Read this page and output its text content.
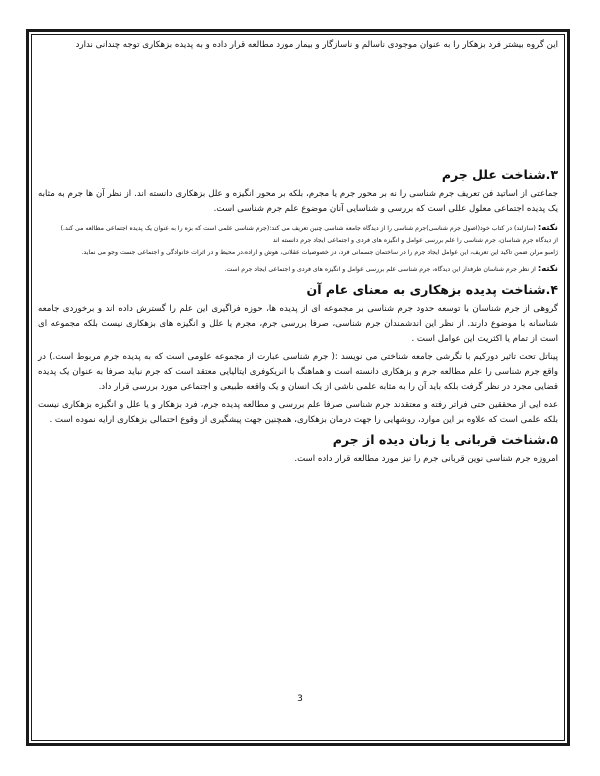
این گروه بیشتر فرد بزهکار را به عنوان موجودی ناسالم و ناسازگار و بیمار مورد مطالعه قرار داده و به پدیده بزهکاری توجه چندانی ندارد

۳.شناخت علل جرم

جماعتی از اساتید فن تعریف جرم شناسی را نه بر محور جرم یا مجرم، بلکه بر محور انگیزه و علل بزهکاری دانسته اند. از نظر آن ها جرم به مثابه یک پدیده اجتماعی معلول عللی است که بررسی و شناسایی آنان موضوع علم جرم شناسی است.

نکته: (سازلند) در کتاب خود(اصول جرم شناسی)جرم شناسی را از دیدگاه جامعه شناسی چنین تعریف می کند:(جرم شناسی علمی است که بزه را به عنوان یک پدیده اجتماعی مطالعه می کند.)

از دیدگاه جرم شناسان، جرم شناسی را علم بررسی عوامل و انگیزه های فردی و اجتماعی ایجاد جرم دانسته اند

ژامبو مرلن ضمن تاکید این تعریف، این عوامل ایجاد جرم را در ساختمان جسمانی فرد، در خصوصیات عقلانی، هوش و اراده،در محیط و در اثرات خانوادگی و اجتماعی جست وجو می نماید.

نکته: از نظر جرم شناسان طرفدار این دیدگاه، جرم شناسی علم بررسی عوامل و انگیزه های فردی و اجتماعی ایجاد جرم است.

۴.شناخت پدیده بزهکاری به معنای عام آن

گروهی از جرم شناسان با توسعه حدود جرم شناسی بر مجموعه ای از پدیده ها، حوزه فراگیری این علم را گسترش داده اند و برخوردی جامعه شناسانه با موضوع دارند. از نظر این اندشمندان جرم شناسی، صرفا بررسی جرم، مجرم یا علل و انگیزه های بزهکاری نیست بلکه مجموعه ای است از تمام یا اکثریت این عوامل است .

پیناتل تحت تاثیر دورکیم با نگرشی جامعه شناختی می نویسد :( جرم شناسی عبارت از مجموعه علومی است که به پدیده جرم مربوط است.) در واقع جرم شناسی را علم مطالعه جرم و بزهکاری دانسته است و هماهنگ با انریکوفری ایتالیایی معتقد است که جرم نباید صرفا به عنوان یک پدیده قضایی مجرد در نظر گرفت بلکه باید آن را به مثابه علمی ناشی از یک انسان و یک واقعه طبیعی و اجتماعی مورد بررسی قرار داد.

عده ایی از محققین حتی فراتر رفته و معتقدند جرم شناسی صرفا علم بررسی و مطالعه پدیده جرم، فرد بزهکار و یا علل و انگیزه بزهکاری نیست بلکه علمی است که علاوه بر این موارد، روشهایی را جهت درمان بزهکاری، همچنین جهت پیشگیری از وقوع احتمالی بزهکاری ارایه نموده است .

۵.شناخت قربانی یا زبان دیده از جرم

امروزه جرم شناسی نوین قربانی جرم را نیز مورد مطالعه قرار داده است.

3
